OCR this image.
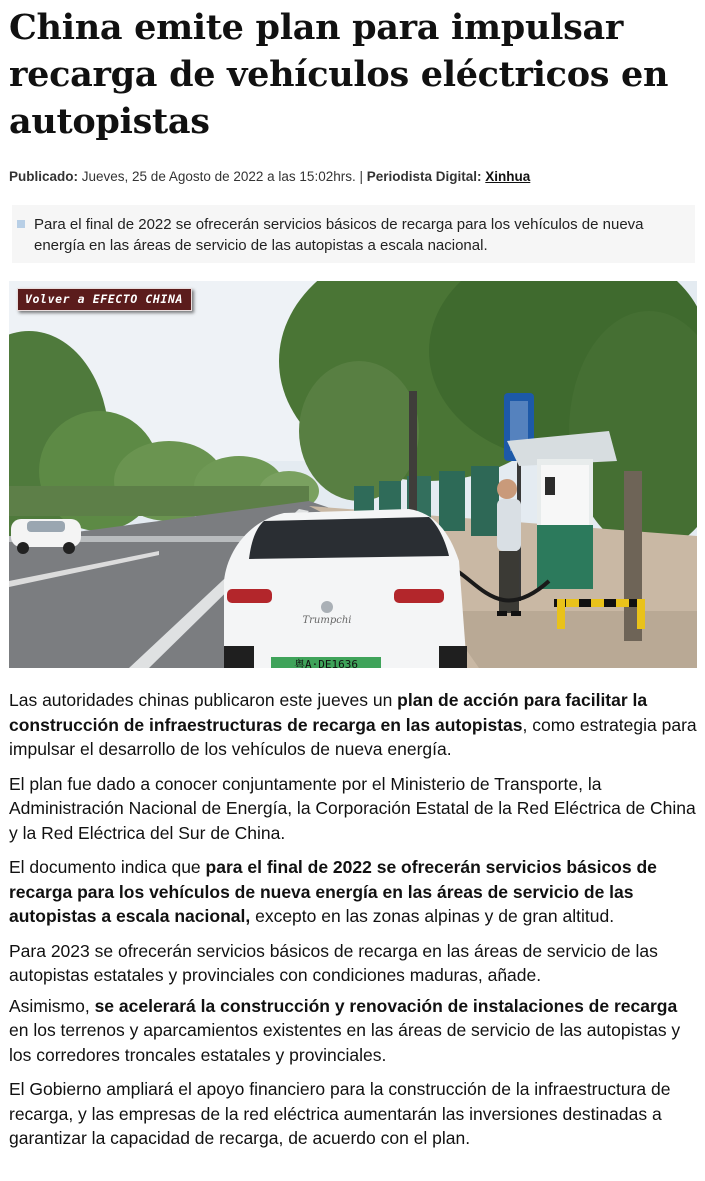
China emite plan para impulsar recarga de vehículos eléctricos en autopistas
Publicado: Jueves, 25 de Agosto de 2022 a las 15:02hrs. | Periodista Digital: Xinhua
Para el final de 2022 se ofrecerán servicios básicos de recarga para los vehículos de nueva energía en las áreas de servicio de las autopistas a escala nacional.
Trumpchi
粤A·DE1636
Volver a EFECTO CHINA

Las autoridades chinas publicaron este jueves un plan de acción para facilitar la construcción de infraestructuras de recarga en las autopistas, como estrategia para impulsar el desarrollo de los vehículos de nueva energía.

El plan fue dado a conocer conjuntamente por el Ministerio de Transporte, la Administración Nacional de Energía, la Corporación Estatal de la Red Eléctrica de China y la Red Eléctrica del Sur de China.

El documento indica que para el final de 2022 se ofrecerán servicios básicos de recarga para los vehículos de nueva energía en las áreas de servicio de las autopistas a escala nacional, excepto en las zonas alpinas y de gran altitud.

Para 2023 se ofrecerán servicios básicos de recarga en las áreas de servicio de las autopistas estatales y provinciales con condiciones maduras, añade.

Asimismo, se acelerará la construcción y renovación de instalaciones de recarga en los terrenos y aparcamientos existentes en las áreas de servicio de las autopistas y los corredores troncales estatales y provinciales.

El Gobierno ampliará el apoyo financiero para la construcción de la infraestructura de recarga, y las empresas de la red eléctrica aumentarán las inversiones destinadas a garantizar la capacidad de recarga, de acuerdo con el plan.
